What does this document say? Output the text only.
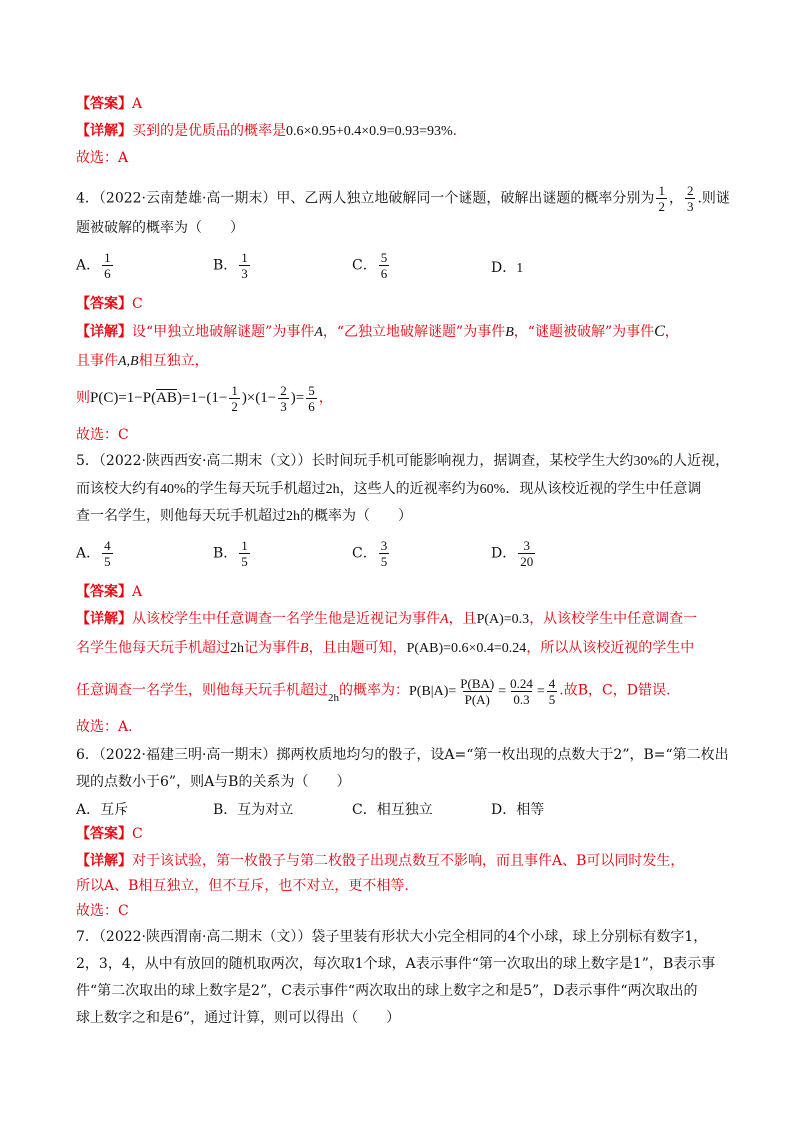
【答案】A
【详解】买到的是优质品的概率是0.6×0.95+0.4×0.9=0.93=93%.
故选：A
4．（2022·云南楚雄·高一期末）甲、乙两人独立地破解同一个谜题，破解出谜题的概率分别为 $\frac{1}{2}$ ， $\frac{2}{3}$ .则谜
题被破解的概率为（　　）
A． $\frac{1}{6}$	B． $\frac{1}{3}$	C． $\frac{5}{6}$	D．1
【答案】C
【详解】设“甲独立地破解谜题”为事件A，“乙独立地破解谜题”为事件B，“谜题被破解”为事件C，
且事件A,B相互独立，
则$P(C)=1-P(\overline{AB})=1-(1- \frac{1}{2} )\times(1- \frac{2}{3}$ )= $\frac{5}{6}$ ，
故选：C
5．（2022·陕西西安·高二期末（文））长时间玩手机可能影响视力，据调查，某校学生大约30%的人近视，
而该校大约有40%的学生每天玩手机超过2h，这些人的近视率约为60%．现从该校近视的学生中任意调
查一名学生，则他每天玩手机超过2h的概率为（　　）
A． $\frac{4}{5}$	B． $\frac{1}{5}$	C． $\frac{3}{5}$	D． $\frac{3}{20}$
【答案】A
【详解】从该校学生中任意调查一名学生他是近视记为事件A，且P(A)=0.3，从该校学生中任意调查一
名学生他每天玩手机超过2h记为事件B，且由题可知，P(AB)=0.6×0.4=0.24，所以从该校近视的学生中
任意调查一名学生，则他每天玩手机超过$_{2h}$的概率为：$P(B|A)= \frac{P(BA)}{P(A)} = \frac{0.24}{0.3} = \frac{4}{5}$ .故B，C，D错误.
故选：A.
6．（2022·福建三明·高一期末）掷两枚质地均匀的骰子，设A=“第一枚出现的点数大于2”，B=“第二枚出
现的点数小于6”，则A与B的关系为（　　）
A．互斥	B．互为对立	C．相互独立	D．相等
【答案】C
【详解】对于该试验，第一枚骰子与第二枚骰子出现点数互不影响，而且事件A、B可以同时发生，
所以A、B相互独立，但不互斥，也不对立，更不相等.
故选：C
7．（2022·陕西渭南·高二期末（文））袋子里装有形状大小完全相同的4个小球，球上分别标有数字1，
2，3，4，从中有放回的随机取两次，每次取1个球，A表示事件“第一次取出的球上数字是1”，B表示事
件“第二次取出的球上数字是2”，C表示事件“两次取出的球上数字之和是5”，D表示事件“两次取出的
球上数字之和是6”，通过计算，则可以得出（　　）
